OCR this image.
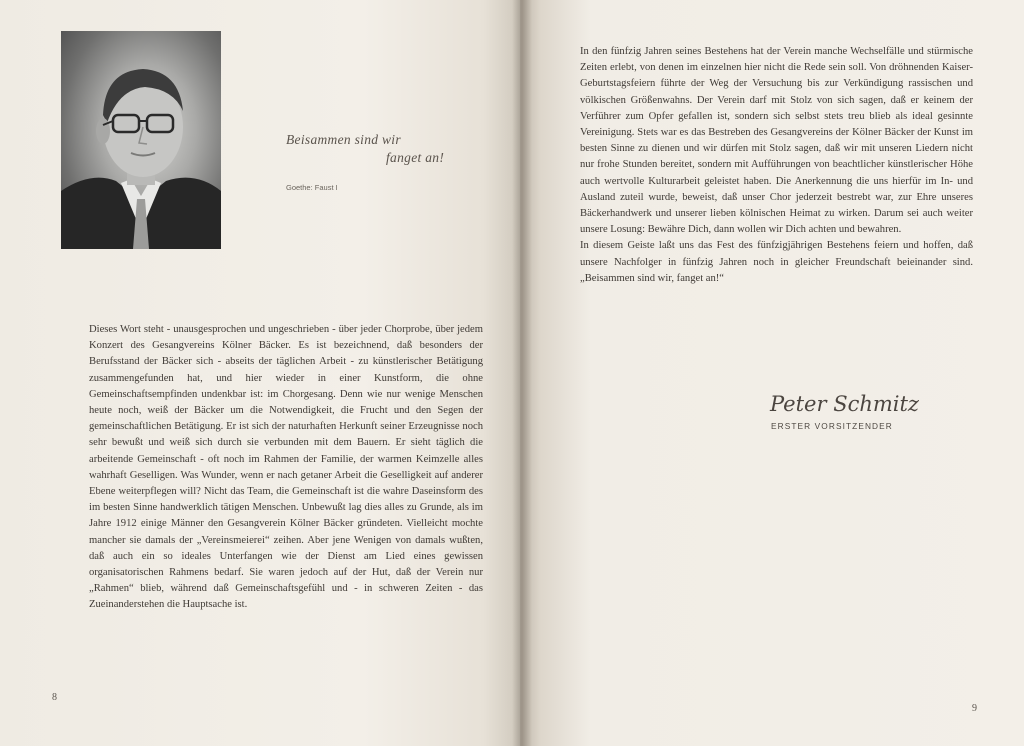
Beisammen sind wir
fanget an!
Goethe: Faust I

Dieses Wort steht - unausgesprochen und ungeschrieben - über jeder Chorprobe, über jedem Konzert des Gesangvereins Kölner Bäcker. Es ist bezeichnend, daß besonders der Berufsstand der Bäcker sich - abseits der täglichen Arbeit - zu künstlerischer Betätigung zusammengefunden hat, und hier wieder in einer Kunstform, die ohne Gemeinschaftsempfinden undenkbar ist: im Chorgesang. Denn wie nur wenige Menschen heute noch, weiß der Bäcker um die Notwendigkeit, die Frucht und den Segen der gemeinschaftlichen Betätigung. Er ist sich der naturhaften Herkunft seiner Erzeugnisse noch sehr bewußt und weiß sich durch sie verbunden mit dem Bauern. Er sieht täglich die arbeitende Gemeinschaft - oft noch im Rahmen der Familie, der warmen Keimzelle alles wahrhaft Geselligen. Was Wunder, wenn er nach getaner Arbeit die Geselligkeit auf anderer Ebene weiterpflegen will? Nicht das Team, die Gemeinschaft ist die wahre Daseinsform des im besten Sinne handwerklich tätigen Menschen. Unbewußt lag dies alles zu Grunde, als im Jahre 1912 einige Männer den Gesangverein Kölner Bäcker gründeten. Vielleicht mochte mancher sie damals der „Vereinsmeierei“ zeihen. Aber jene Wenigen von damals wußten, daß auch ein so ideales Unterfangen wie der Dienst am Lied eines gewissen organisatorischen Rahmens bedarf. Sie waren jedoch auf der Hut, daß der Verein nur „Rahmen“ blieb, während daß Gemeinschaftsgefühl und - in schweren Zeiten - das Zueinanderstehen die Hauptsache ist.

8

In den fünfzig Jahren seines Bestehens hat der Verein manche Wechselfälle und stürmische Zeiten erlebt, von denen im einzelnen hier nicht die Rede sein soll. Von dröhnenden Kaiser-Geburtstagsfeiern führte der Weg der Versuchung bis zur Verkündigung rassischen und völkischen Größenwahns. Der Verein darf mit Stolz von sich sagen, daß er keinem der Verführer zum Opfer gefallen ist, sondern sich selbst stets treu blieb als ideal gesinnte Vereinigung. Stets war es das Bestreben des Gesangvereins der Kölner Bäcker der Kunst im besten Sinne zu dienen und wir dürfen mit Stolz sagen, daß wir mit unseren Liedern nicht nur frohe Stunden bereitet, sondern mit Aufführungen von beachtlicher künstlerischer Höhe auch wertvolle Kulturarbeit geleistet haben. Die Anerkennung die uns hierfür im In- und Ausland zuteil wurde, beweist, daß unser Chor jederzeit bestrebt war, zur Ehre unseres Bäckerhandwerk und unserer lieben kölnischen Heimat zu wirken. Darum sei auch weiter unsere Losung: Bewähre Dich, dann wollen wir Dich achten und bewahren.

In diesem Geiste laßt uns das Fest des fünfzigjährigen Bestehens feiern und hoffen, daß unsere Nachfolger in fünfzig Jahren noch in gleicher Freundschaft beieinander sind. „Beisammen sind wir, fanget an!“

Peter Schmitz
ERSTER VORSITZENDER
9
